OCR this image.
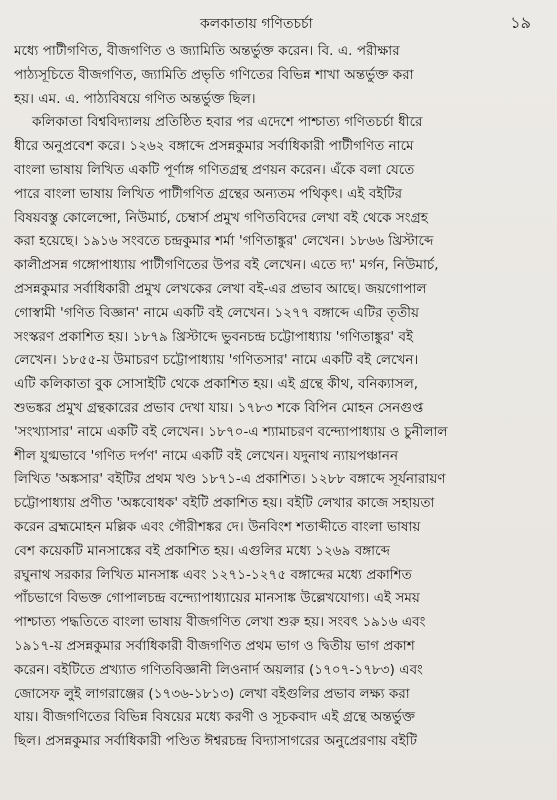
কলকাতায় গণিতচর্চা	১৯
মধ্যে পাটীগণিত, বীজগণিত ও জ্যামিতি অন্তর্ভুক্ত করেন। বি. এ. পরীক্ষার
পাঠ্যসূচিতে বীজগণিত, জ্যামিতি প্রভৃতি গণিতের বিভিন্ন শাখা অন্তর্ভুক্ত করা
হয়। এম. এ. পাঠ্যবিষয়ে গণিত অন্তর্ভুক্ত ছিল।
কলিকাতা বিশ্ববিদ্যালয় প্রতিষ্ঠিত হবার পর এদেশে পাশ্চাত্য গণিতচর্চা ধীরে
ধীরে অনুপ্রবেশ করে। ১২৬২ বঙ্গাব্দে প্রসন্নকুমার সর্বাধিকারী পাটীগণিত নামে
বাংলা ভাষায় লিখিত একটি পূর্ণাঙ্গ গণিতগ্রন্থ প্রণয়ন করেন। এঁকে বলা যেতে
পারে বাংলা ভাষায় লিখিত পাটীগণিত গ্রন্থের অন্যতম পথিকৃৎ। এই বইটির
বিষয়বস্তু কোলেন্সো, নিউমার্চ, চেম্বার্স প্রমুখ গণিতবিদের লেখা বই থেকে সংগ্রহ
করা হয়েছে। ১৯১৬ সংবতে চন্দ্রকুমার শর্মা 'গণিতাঙ্কুর' লেখেন। ১৮৬৬ খ্রিস্টাব্দে
কালীপ্রসন্ন গঙ্গোপাধ্যায় পাটীগণিতের উপর বই লেখেন। এতে দ্য' মর্গন, নিউমার্চ,
প্রসন্নকুমার সর্বাধিকারী প্রমুখ লেখকের লেখা বই-এর প্রভাব আছে। জয়গোপাল
গোস্বামী 'গণিত বিজ্ঞান' নামে একটি বই লেখেন। ১২৭৭ বঙ্গাব্দে এটির তৃতীয়
সংস্করণ প্রকাশিত হয়। ১৮৭৯ খ্রিস্টাব্দে ভুবনচন্দ্র চট্টোপাধ্যায় 'গণিতাঙ্কুর' বই
লেখেন। ১৮৫৫-য় উমাচরণ চট্টোপাধ্যায় 'গণিতসার' নামে একটি বই লেখেন।
এটি কলিকাতা বুক সোসাইটি থেকে প্রকাশিত হয়। এই গ্রন্থে কীথ, বনিক্যাসল,
শুভঙ্কর প্রমুখ গ্রন্থকারের প্রভাব দেখা যায়। ১৭৮৩ শকে বিপিন মোহন সেনগুপ্ত
'সংখ্যাসার' নামে একটি বই লেখেন। ১৮৭০-এ শ্যামাচরণ বন্দ্যোপাধ্যায় ও চুনীলাল
শীল যুগ্মভাবে 'গণিত দর্পণ' নামে একটি বই লেখেন। যদুনাথ ন্যায়পঞ্চানন
লিখিত 'অঙ্কসার' বইটির প্রথম খণ্ড ১৮৭১-এ প্রকাশিত। ১২৮৮ বঙ্গাব্দে সূর্যনারায়ণ
চট্টোপাধ্যায় প্রণীত 'অঙ্কবোধক' বইটি প্রকাশিত হয়। বইটি লেখার কাজে সহায়তা
করেন ব্রহ্মমোহন মল্লিক এবং গৌরীশঙ্কর দে। উনবিংশ শতাব্দীতে বাংলা ভাষায়
বেশ কয়েকটি মানসাঙ্কের বই প্রকাশিত হয়। এগুলির মধ্যে ১২৬৯ বঙ্গাব্দে
রঘুনাথ সরকার লিখিত মানসাঙ্ক এবং ১২৭১-১২৭৫ বঙ্গাব্দের মধ্যে প্রকাশিত
পাঁচভাগে বিভক্ত গোপালচন্দ্র বন্দ্যোপাধ্যায়ের মানসাঙ্ক উল্লেখযোগ্য। এই সময়
পাশ্চাত্য পদ্ধতিতে বাংলা ভাষায় বীজগণিত লেখা শুরু হয়। সংবৎ ১৯১৬ এবং
১৯১৭-য় প্রসন্নকুমার সর্বাধিকারী বীজগণিত প্রথম ভাগ ও দ্বিতীয় ভাগ প্রকাশ
করেন। বইটিতে প্রখ্যাত গণিতবিজ্ঞানী লিওনার্দ অয়লার (১৭০৭-১৭৮৩) এবং
জোসেফ লুই লাগরাঞ্জের (১৭৩৬-১৮১৩) লেখা বইগুলির প্রভাব লক্ষ্য করা
যায়। বীজগণিতের বিভিন্ন বিষয়ের মধ্যে করণী ও সূচকবাদ এই গ্রন্থে অন্তর্ভুক্ত
ছিল। প্রসন্নকুমার সর্বাধিকারী পণ্ডিত ঈশ্বরচন্দ্র বিদ্যাসাগরের অনুপ্রেরণায় বইটি
